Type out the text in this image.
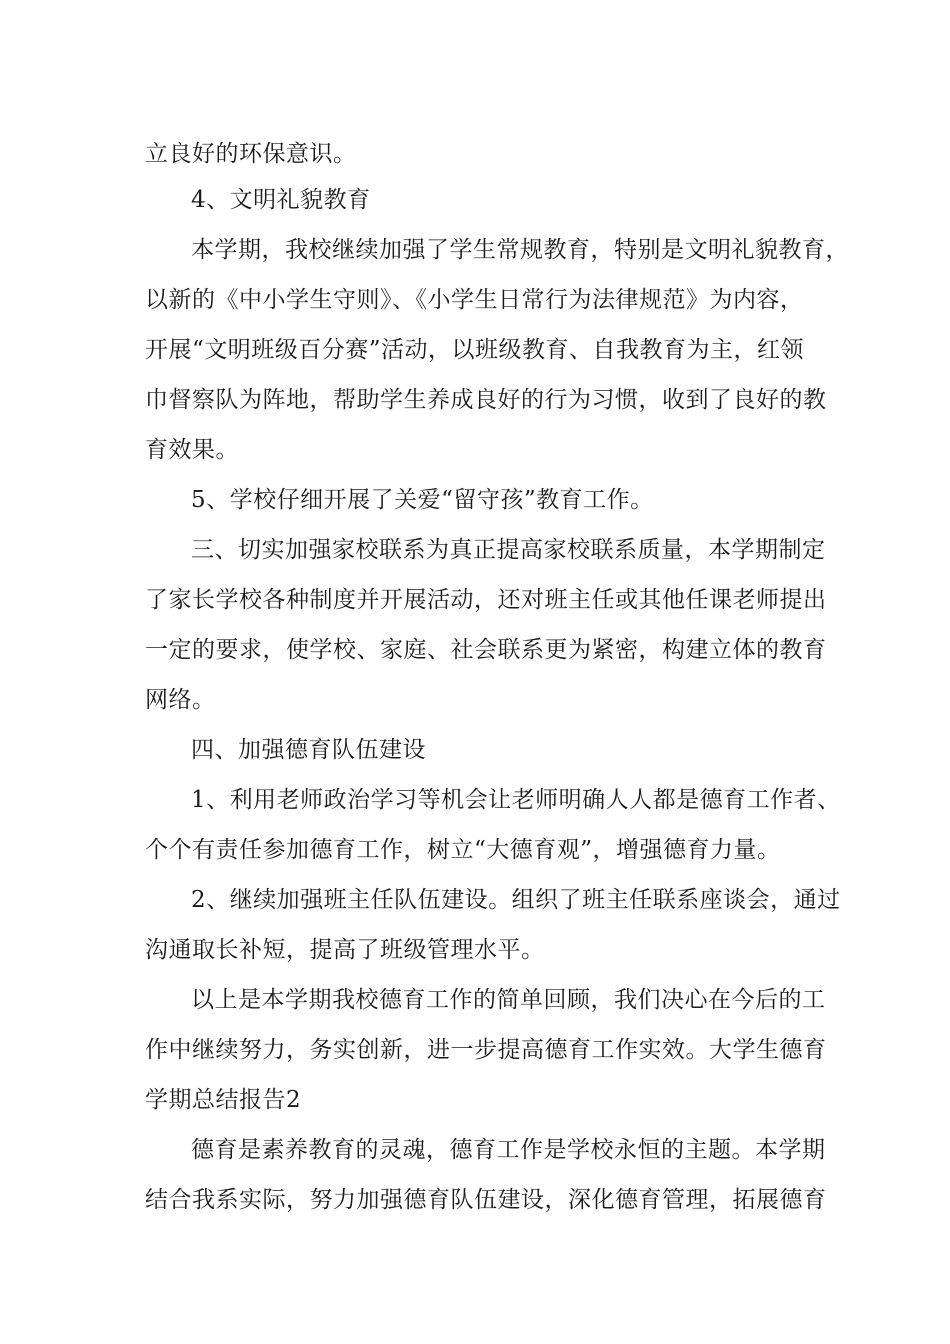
立良好的环保意识。
4、文明礼貌教育
本学期，我校继续加强了学生常规教育，特别是文明礼貌教育，
以新的《中小学生守则》、《小学生日常行为法律规范》为内容，
开展“文明班级百分赛”活动，以班级教育、自我教育为主，红领
巾督察队为阵地，帮助学生养成良好的行为习惯，收到了良好的教
育效果。
5、学校仔细开展了关爱“留守孩”教育工作。
三、切实加强家校联系为真正提高家校联系质量，本学期制定
了家长学校各种制度并开展活动，还对班主任或其他任课老师提出
一定的要求，使学校、家庭、社会联系更为紧密，构建立体的教育
网络。
四、加强德育队伍建设
1、利用老师政治学习等机会让老师明确人人都是德育工作者、
个个有责任参加德育工作，树立“大德育观”，增强德育力量。
2、继续加强班主任队伍建设。组织了班主任联系座谈会，通过
沟通取长补短，提高了班级管理水平。
以上是本学期我校德育工作的简单回顾，我们决心在今后的工
作中继续努力，务实创新，进一步提高德育工作实效。大学生德育
学期总结报告2
德育是素养教育的灵魂，德育工作是学校永恒的主题。本学期
结合我系实际，努力加强德育队伍建设，深化德育管理，拓展德育
